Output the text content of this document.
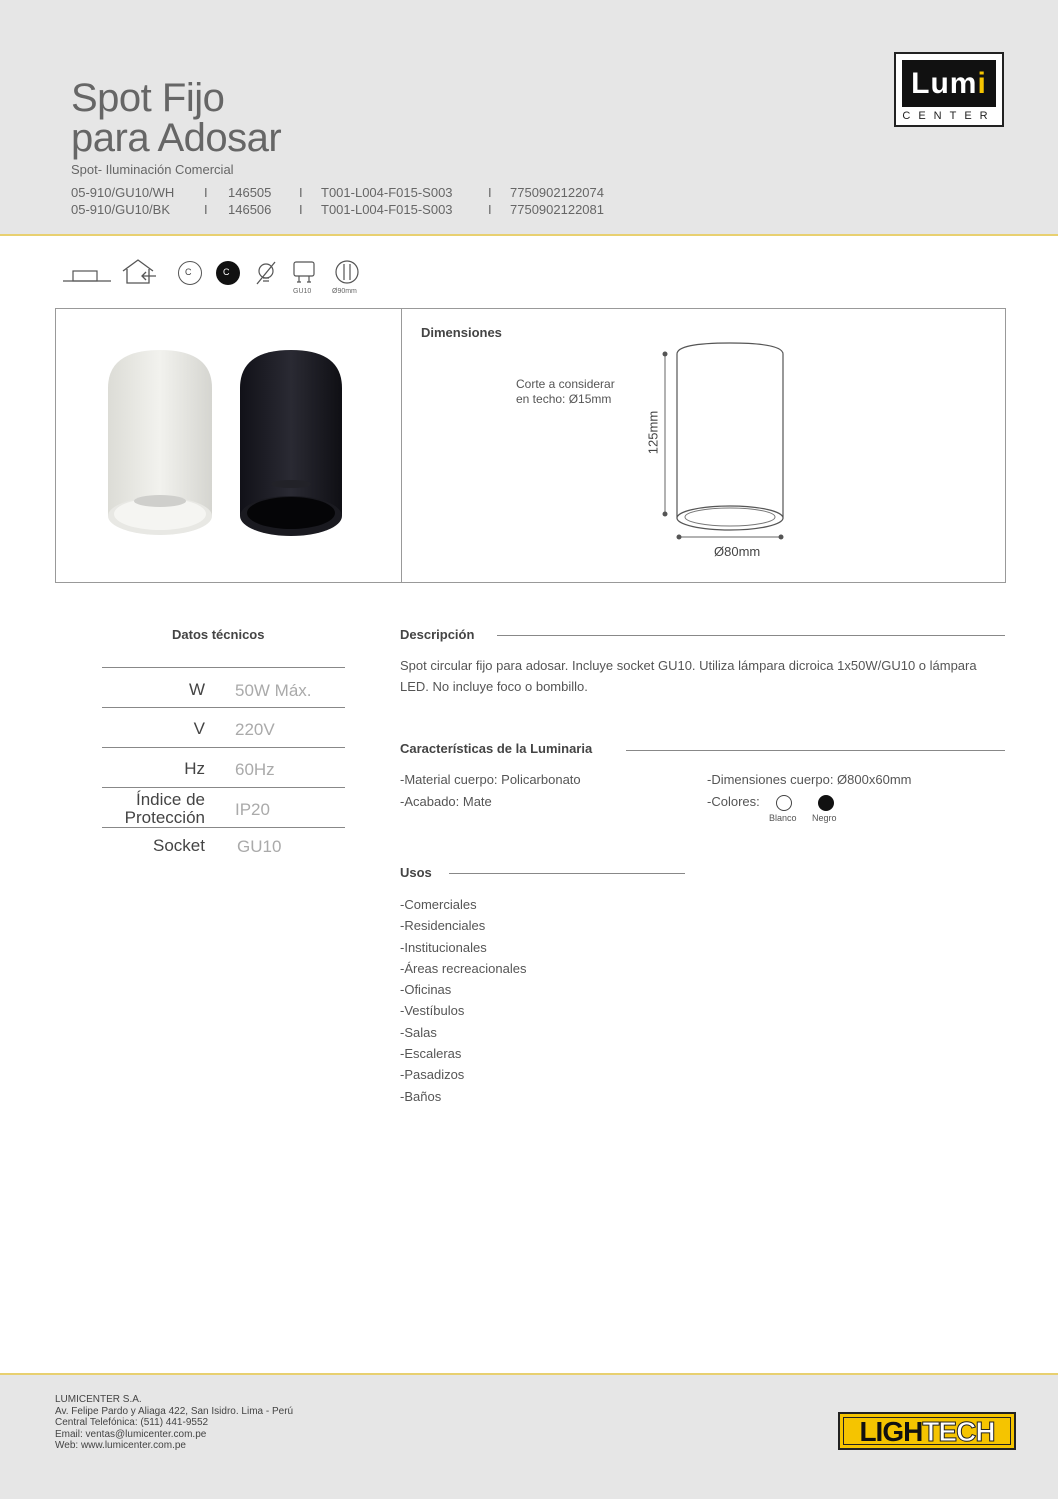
Spot Fijo
para Adosar
Spot- Iluminación Comercial
05-910/GU10/WH I 146505 I T001-L004-F015-S003	I 7750902122074
05-910/GU10/BK	I 146506 I T001-L004-F015-S003	I 7750902122081
Lumi
CENTER
C	C
GU10	Ø90mm
Dimensiones
Corte a considerar
en techo: Ø15mm
125mm
Ø80mm
Datos técnicos
W 50W Máx.
V 220V
Hz 60Hz
Índice de
Protección IP20
Socket GU10
Descripción
Spot circular fijo para adosar. Incluye socket GU10. Utiliza lámpara dicroica 1x50W/GU10 o lámpara
LED. No incluye foco o bombillo.
Características de la Luminaria
-Material cuerpo: Policarbonato
-Acabado: Mate
-Dimensiones cuerpo: Ø800x60mm
-Colores:
Blanco Negro
Usos
-Comerciales
-Residenciales
-Institucionales
-Áreas recreacionales
-Oficinas
-Vestíbulos
-Salas
-Escaleras
-Pasadizos
-Baños
LUMICENTER S.A.
Av. Felipe Pardo y Aliaga 422, San Isidro. Lima - Perú
Central Telefónica: (511) 441-9552
Email: ventas@lumicenter.com.pe
Web: www.lumicenter.com.pe	LIGHTECH
